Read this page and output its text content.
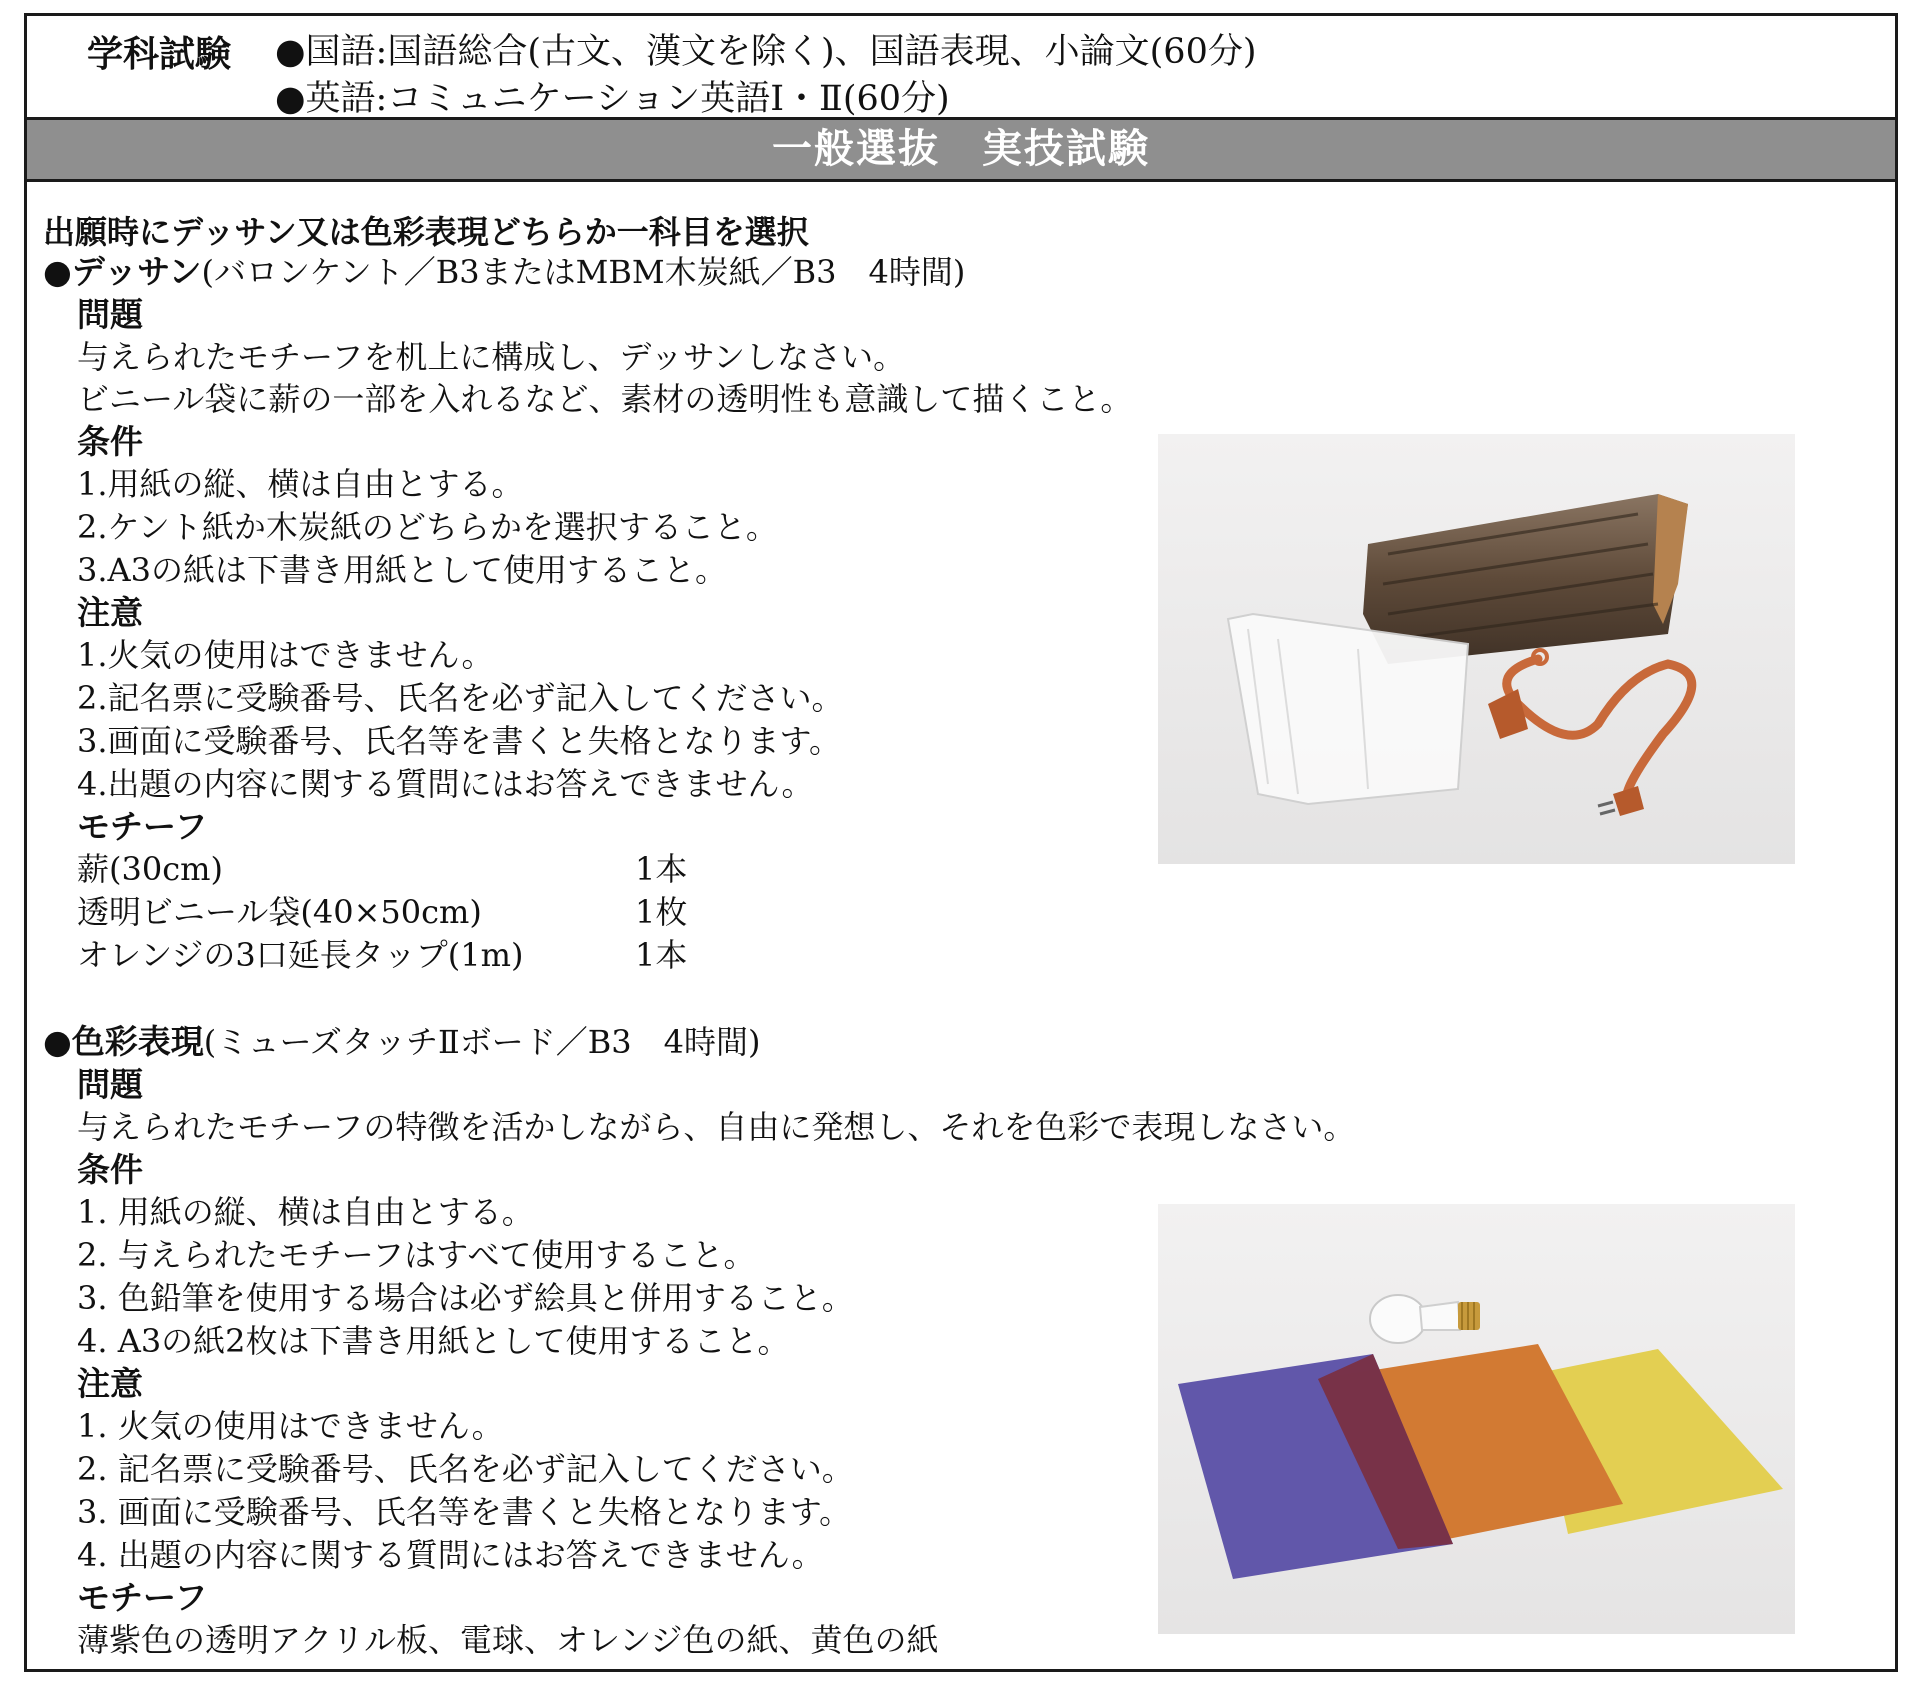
学科試験 ●国語:国語総合(古文、漢文を除く)、国語表現、小論文(60分)
●英語:コミュニケーション英語Ⅰ・Ⅱ(60分)
一般選抜　実技試験
出願時にデッサン又は色彩表現どちらか一科目を選択
●デッサン(バロンケント／B3またはMBM木炭紙／B3　4時間)
問題
与えられたモチーフを机上に構成し、デッサンしなさい。
ビニール袋に薪の一部を入れるなど、素材の透明性も意識して描くこと。
条件
1.用紙の縦、横は自由とする。
2.ケント紙か木炭紙のどちらかを選択すること。
3.A3の紙は下書き用紙として使用すること。
注意
1.火気の使用はできません。
2.記名票に受験番号、氏名を必ず記入してください。
3.画面に受験番号、氏名等を書くと失格となります。
4.出題の内容に関する質問にはお答えできません。
モチーフ
薪(30cm)	1本
透明ビニール袋(40×50cm)	1枚
オレンジの3口延長タップ(1m)	1本
●色彩表現(ミューズタッチⅡボード／B3　4時間)
問題
与えられたモチーフの特徴を活かしながら、自由に発想し、それを色彩で表現しなさい。
条件
1. 用紙の縦、横は自由とする。
2. 与えられたモチーフはすべて使用すること。
3. 色鉛筆を使用する場合は必ず絵具と併用すること。
4. A3の紙2枚は下書き用紙として使用すること。
注意
1. 火気の使用はできません。
2. 記名票に受験番号、氏名を必ず記入してください。
3. 画面に受験番号、氏名等を書くと失格となります。
4. 出題の内容に関する質問にはお答えできません。
モチーフ
薄紫色の透明アクリル板、電球、オレンジ色の紙、黄色の紙
